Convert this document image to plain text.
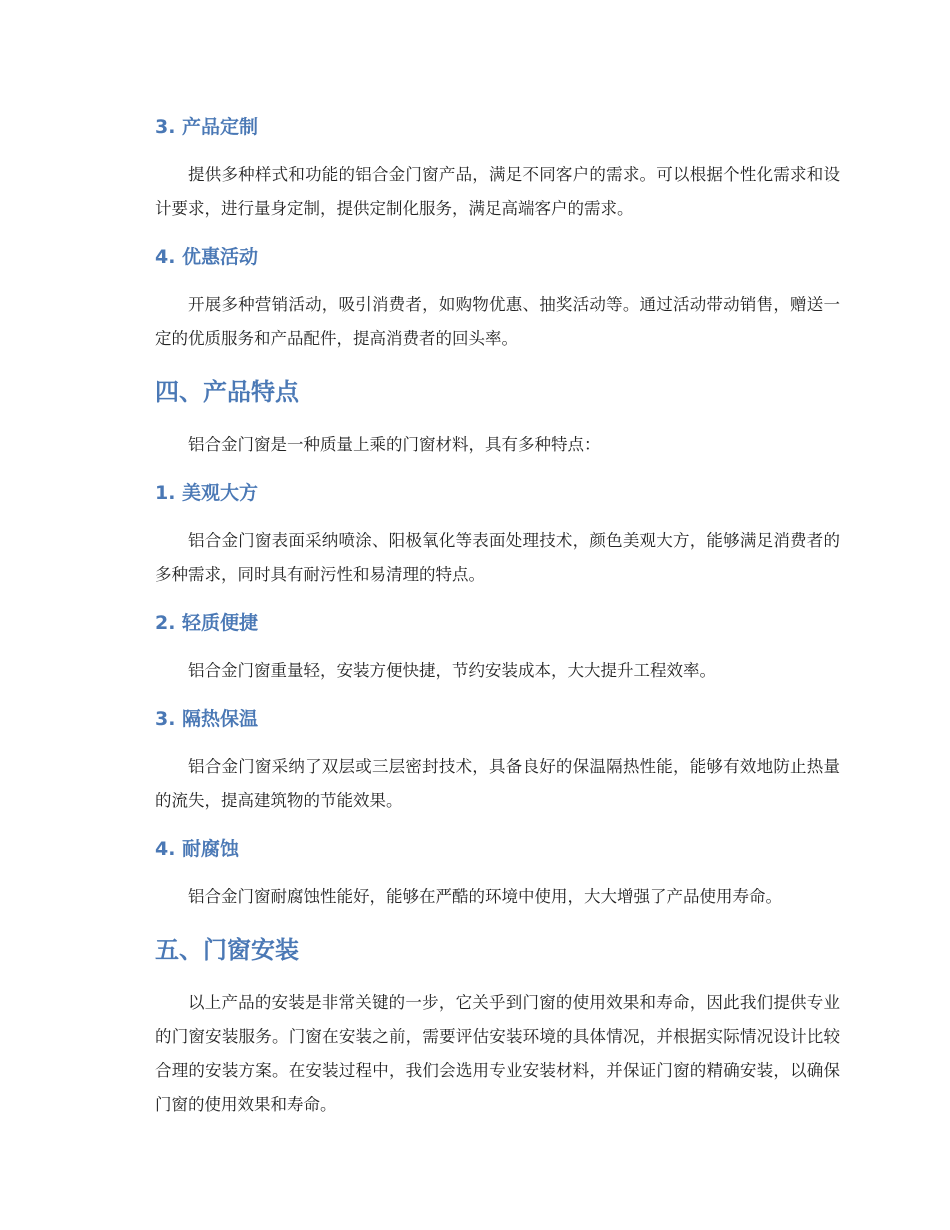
3. 产品定制

提供多种样式和功能的铝合金门窗产品，满足不同客户的需求。可以根据个性化需求和设计要求，进行量身定制，提供定制化服务，满足高端客户的需求。

4. 优惠活动

开展多种营销活动，吸引消费者，如购物优惠、抽奖活动等。通过活动带动销售，赠送一定的优质服务和产品配件，提高消费者的回头率。

四、产品特点

铝合金门窗是一种质量上乘的门窗材料，具有多种特点：

1. 美观大方

铝合金门窗表面采纳喷涂、阳极氧化等表面处理技术，颜色美观大方，能够满足消费者的多种需求，同时具有耐污性和易清理的特点。

2. 轻质便捷

铝合金门窗重量轻，安装方便快捷，节约安装成本，大大提升工程效率。

3. 隔热保温

铝合金门窗采纳了双层或三层密封技术，具备良好的保温隔热性能，能够有效地防止热量的流失，提高建筑物的节能效果。

4. 耐腐蚀

铝合金门窗耐腐蚀性能好，能够在严酷的环境中使用，大大增强了产品使用寿命。

五、门窗安装

以上产品的安装是非常关键的一步，它关乎到门窗的使用效果和寿命，因此我们提供专业的门窗安装服务。门窗在安装之前，需要评估安装环境的具体情况，并根据实际情况设计比较合理的安装方案。在安装过程中，我们会选用专业安装材料，并保证门窗的精确安装，以确保门窗的使用效果和寿命。
